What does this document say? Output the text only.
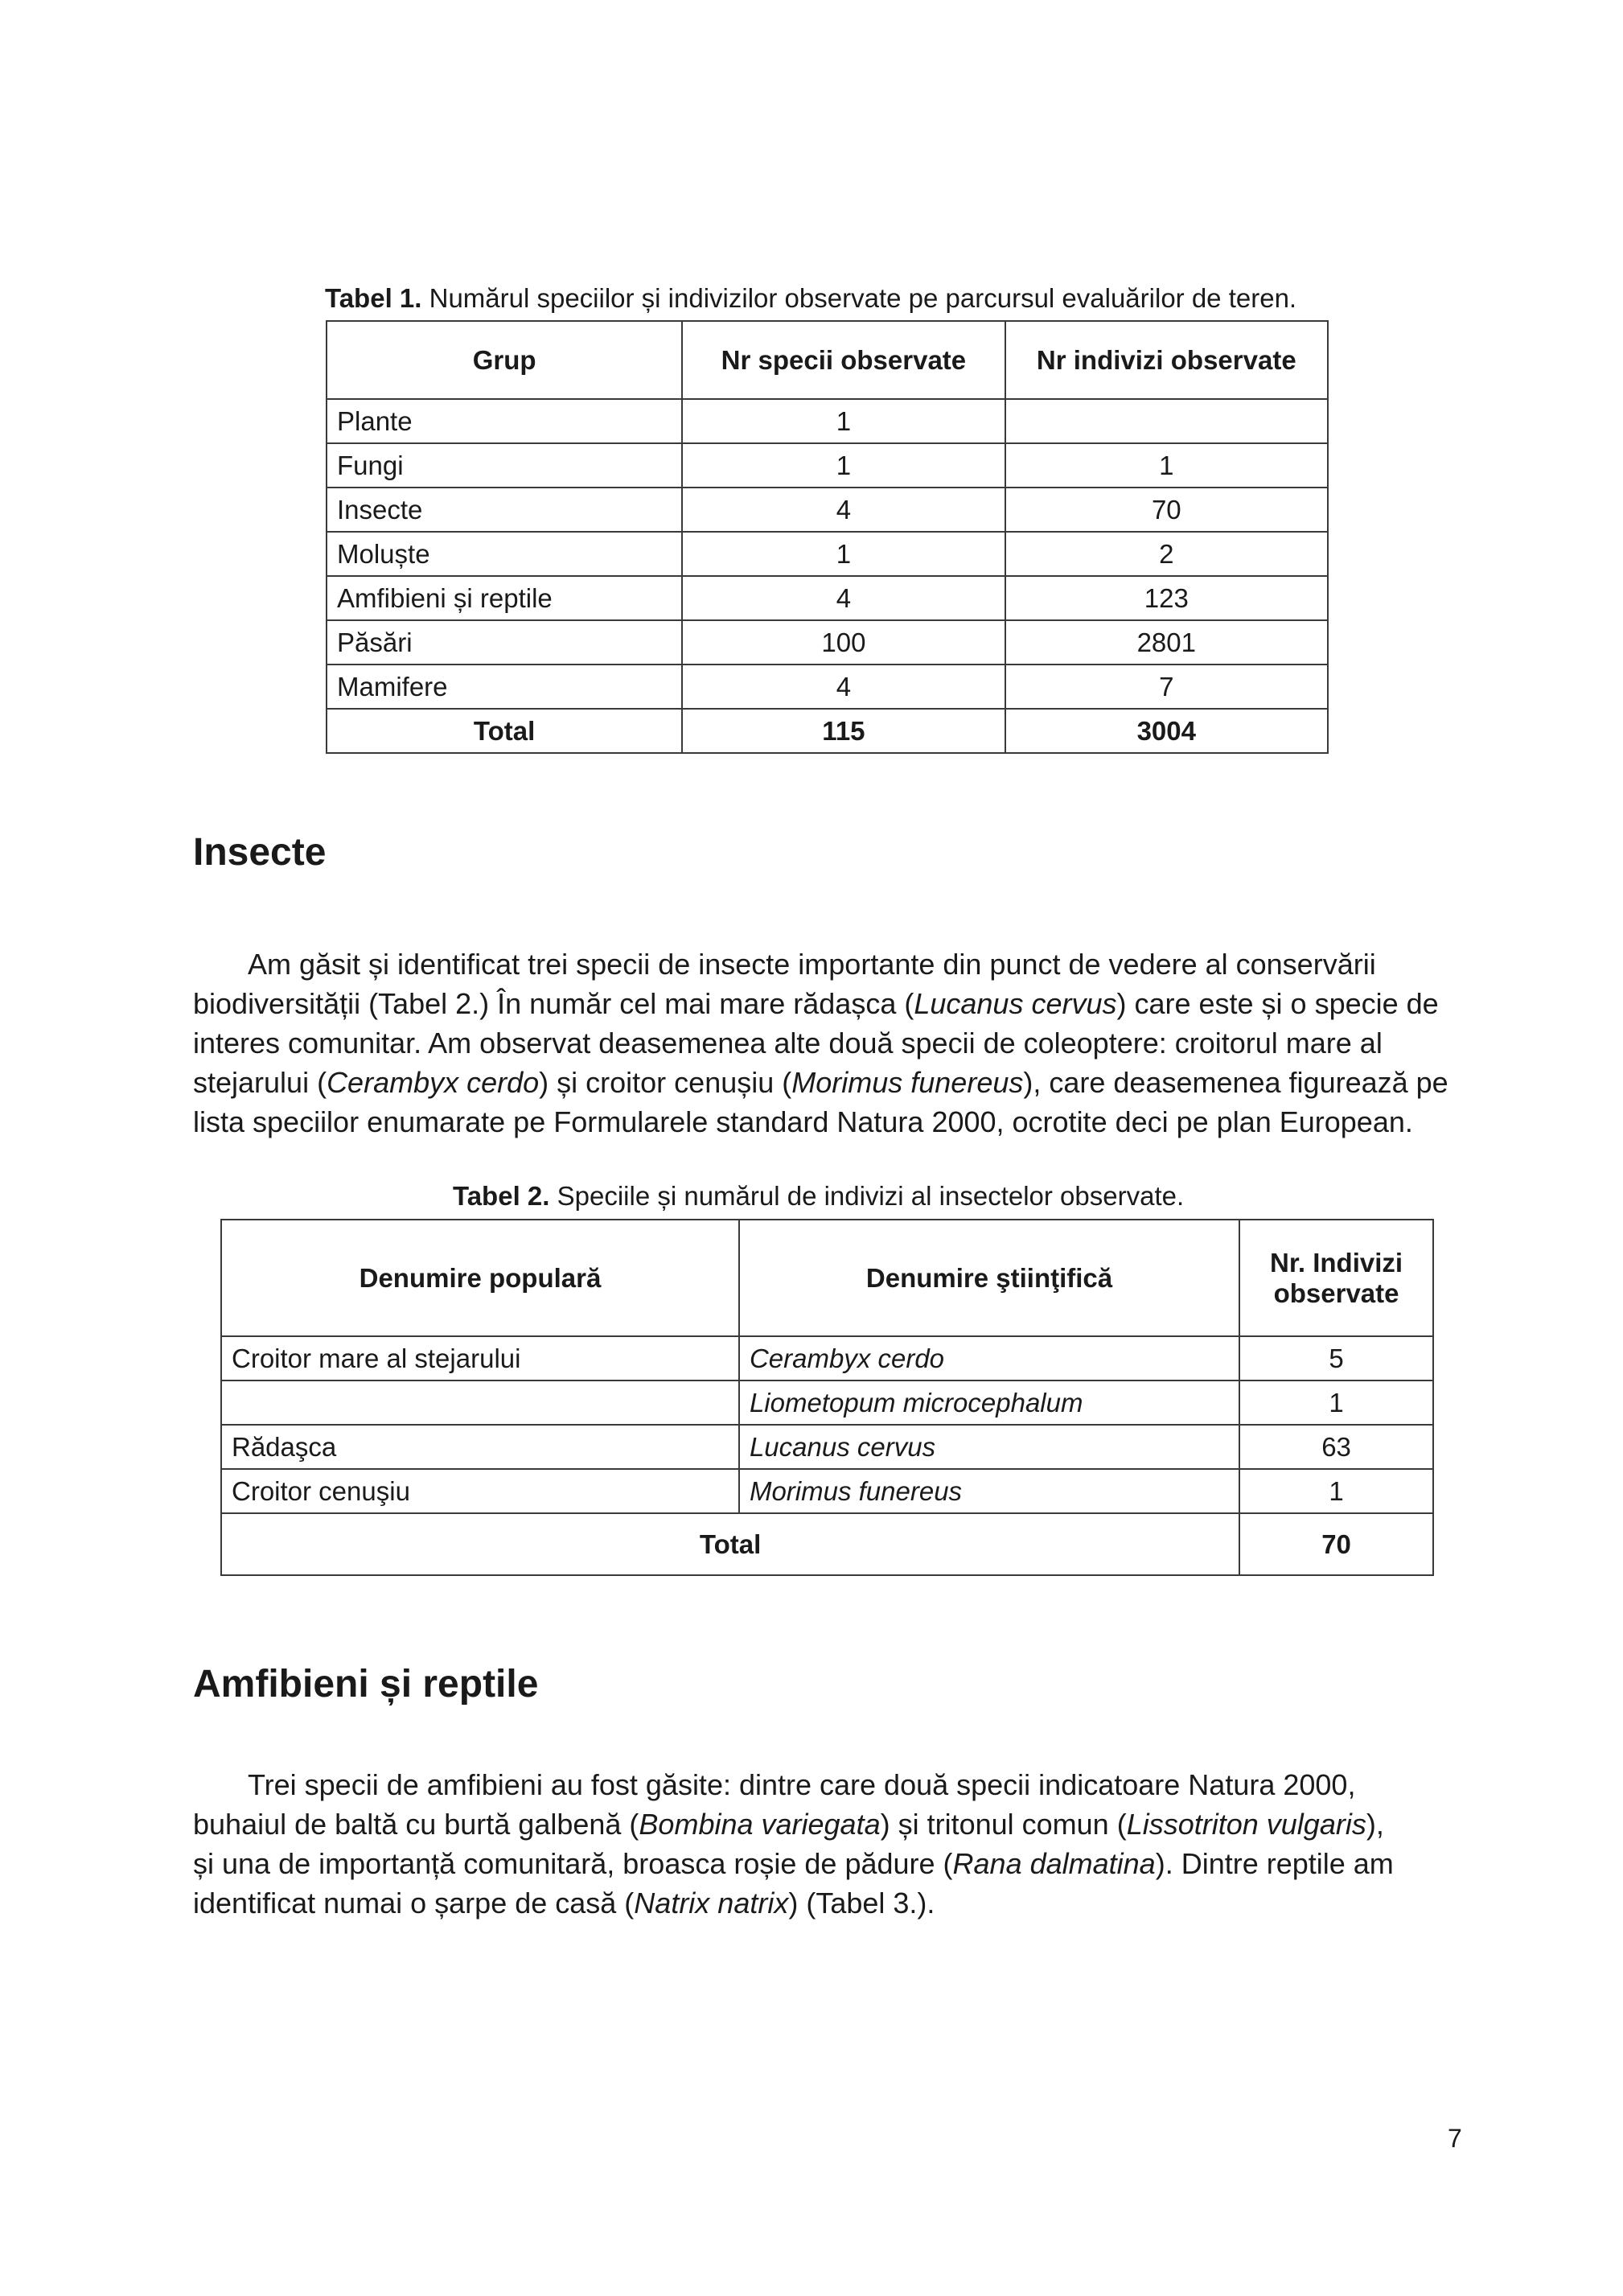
Tabel 1. Numărul speciilor și indivizilor observate pe parcursul evaluărilor de teren.
Grup	Nr specii observate	Nr indivizi observate
Plante	1	
Fungi	1	1
Insecte	4	70
Moluște	1	2
Amfibieni și reptile	4	123
Păsări	100	2801
Mamifere	4	7
Total	115	3004
Insecte
Am găsit și identificat trei specii de insecte importante din punct de vedere al conservării
biodiversității (Tabel 2.) În număr cel mai mare rădașca (Lucanus cervus) care este și o specie de
interes comunitar. Am observat deasemenea alte două specii de coleoptere: croitorul mare al
stejarului (Cerambyx cerdo) și croitor cenușiu (Morimus funereus), care deasemenea figurează pe
lista speciilor enumarate pe Formularele standard Natura 2000, ocrotite deci pe plan European.
Tabel 2. Speciile și numărul de indivizi al insectelor observate.
Denumire populară	Denumire ştiinţifică	Nr. Indivizi
observate

Croitor mare al stejarului	Cerambyx cerdo	5
	Liometopum microcephalum	1
Rădaşca	Lucanus cervus	63
Croitor cenuşiu	Morimus funereus	1
Total		70
Amfibieni și reptile
Trei specii de amfibieni au fost găsite: dintre care două specii indicatoare Natura 2000,
buhaiul de baltă cu burtă galbenă (Bombina variegata) și tritonul comun (Lissotriton vulgaris),
și una de importanță comunitară, broasca roșie de pădure (Rana dalmatina). Dintre reptile am
identificat numai o șarpe de casă (Natrix natrix) (Tabel 3.).
7
